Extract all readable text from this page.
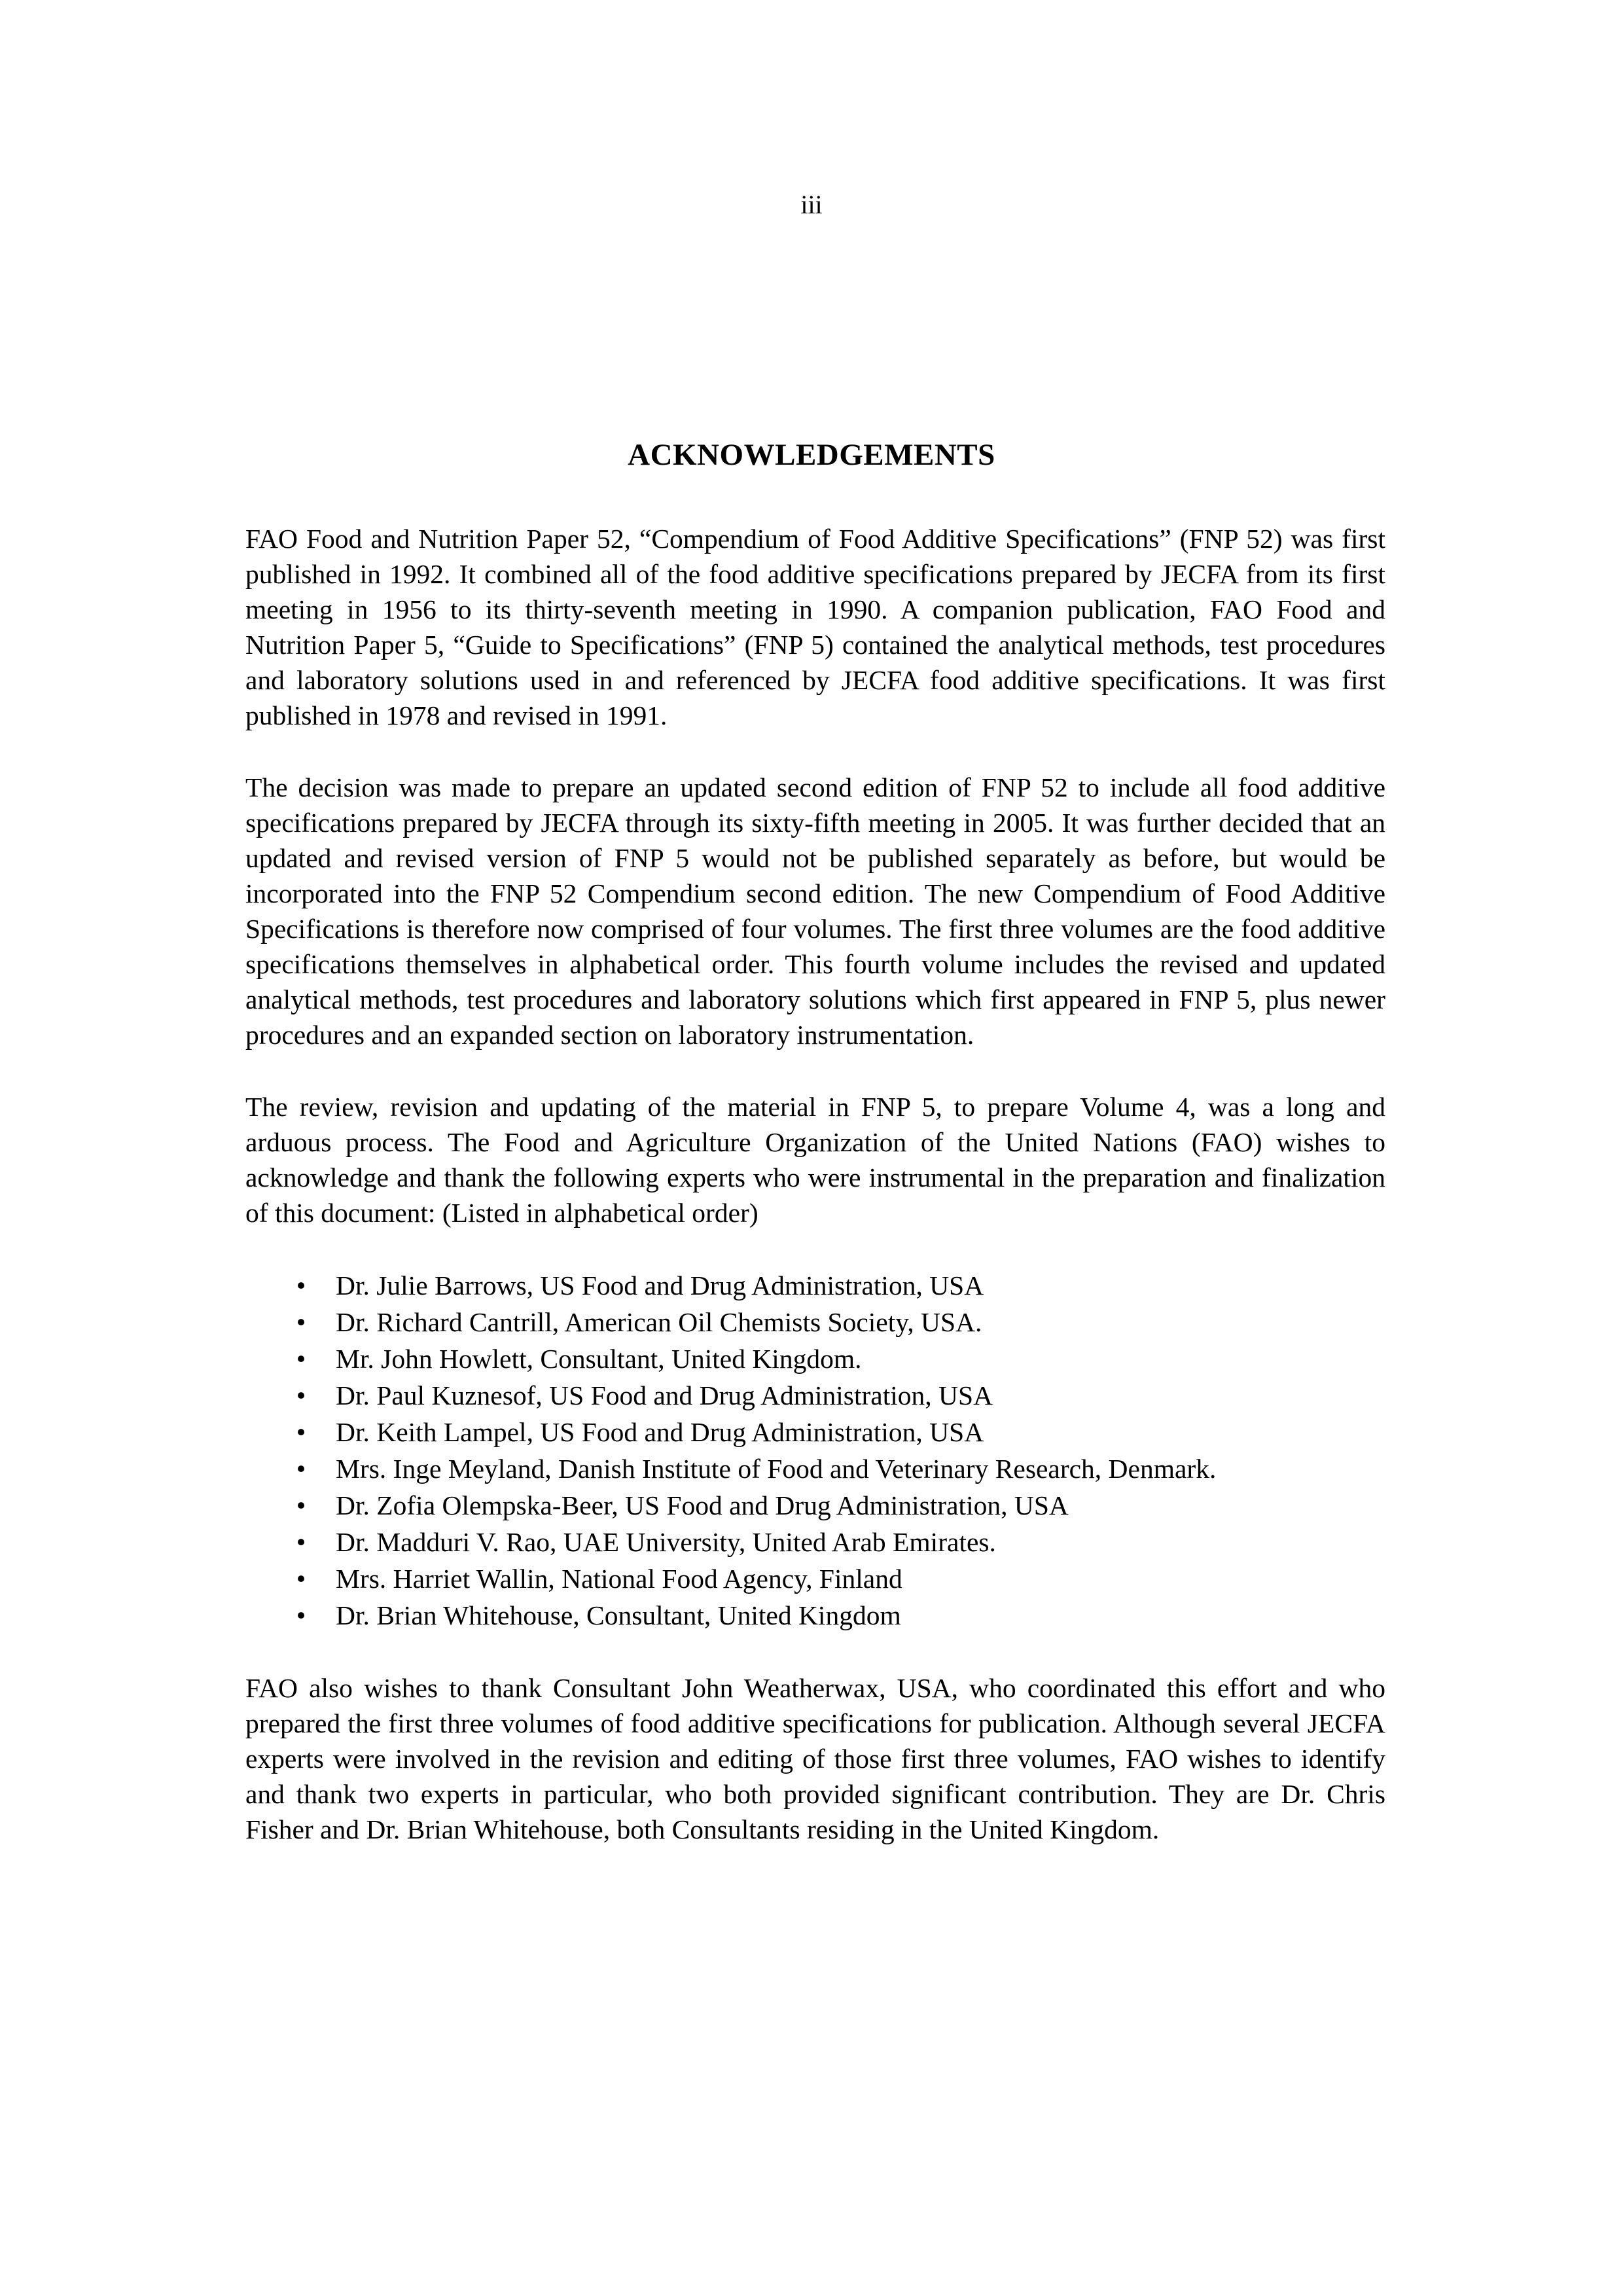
iii
ACKNOWLEDGEMENTS

FAO Food and Nutrition Paper 52, “Compendium of Food Additive Specifications” (FNP 52) was first published in 1992. It combined all of the food additive specifications prepared by JECFA from its first meeting in 1956 to its thirty-seventh meeting in 1990. A companion publication, FAO Food and Nutrition Paper 5, “Guide to Specifications” (FNP 5) contained the analytical methods, test procedures and laboratory solutions used in and referenced by JECFA food additive specifications. It was first published in 1978 and revised in 1991.

The decision was made to prepare an updated second edition of FNP 52 to include all food additive specifications prepared by JECFA through its sixty-fifth meeting in 2005. It was further decided that an updated and revised version of FNP 5 would not be published separately as before, but would be incorporated into the FNP 52 Compendium second edition. The new Compendium of Food Additive Specifications is therefore now comprised of four volumes. The first three volumes are the food additive specifications themselves in alphabetical order. This fourth volume includes the revised and updated analytical methods, test procedures and laboratory solutions which first appeared in FNP 5, plus newer procedures and an expanded section on laboratory instrumentation.

The review, revision and updating of the material in FNP 5, to prepare Volume 4, was a long and arduous process. The Food and Agriculture Organization of the United Nations (FAO) wishes to acknowledge and thank the following experts who were instrumental in the preparation and finalization of this document: (Listed in alphabetical order)

• Dr. Julie Barrows, US Food and Drug Administration, USA
• Dr. Richard Cantrill, American Oil Chemists Society, USA.
• Mr. John Howlett, Consultant, United Kingdom.
• Dr. Paul Kuznesof, US Food and Drug Administration, USA
• Dr. Keith Lampel, US Food and Drug Administration, USA
• Mrs. Inge Meyland, Danish Institute of Food and Veterinary Research, Denmark.
• Dr. Zofia Olempska-Beer, US Food and Drug Administration, USA
• Dr. Madduri V. Rao, UAE University, United Arab Emirates.
• Mrs. Harriet Wallin, National Food Agency, Finland
• Dr. Brian Whitehouse, Consultant, United Kingdom

FAO also wishes to thank Consultant John Weatherwax, USA, who coordinated this effort and who prepared the first three volumes of food additive specifications for publication. Although several JECFA experts were involved in the revision and editing of those first three volumes, FAO wishes to identify and thank two experts in particular, who both provided significant contribution. They are Dr. Chris Fisher and Dr. Brian Whitehouse, both Consultants residing in the United Kingdom.
